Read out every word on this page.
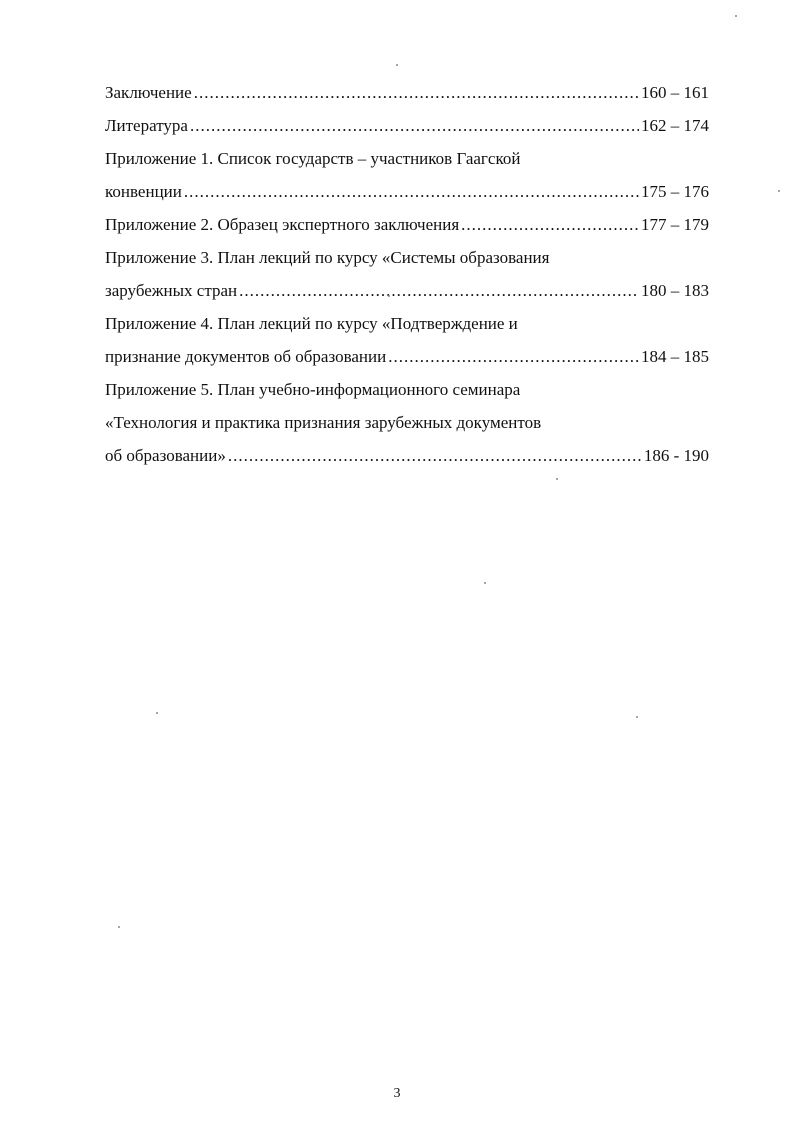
Заключение .....	160 – 161
Литература .....	162 – 174
Приложение 1. Список государств – участников Гаагской
конвенции .....	175 – 176
Приложение 2. Образец экспертного заключения .....	177 – 179
Приложение 3. План лекций по курсу «Системы образования
зарубежных стран .....	180 – 183
Приложение 4. План лекций по курсу «Подтверждение и
признание документов об образовании .....	184 – 185
Приложение 5. План учебно-информационного семинара
«Технология и практика признания зарубежных документов
об образовании» .....	186 - 190
3
